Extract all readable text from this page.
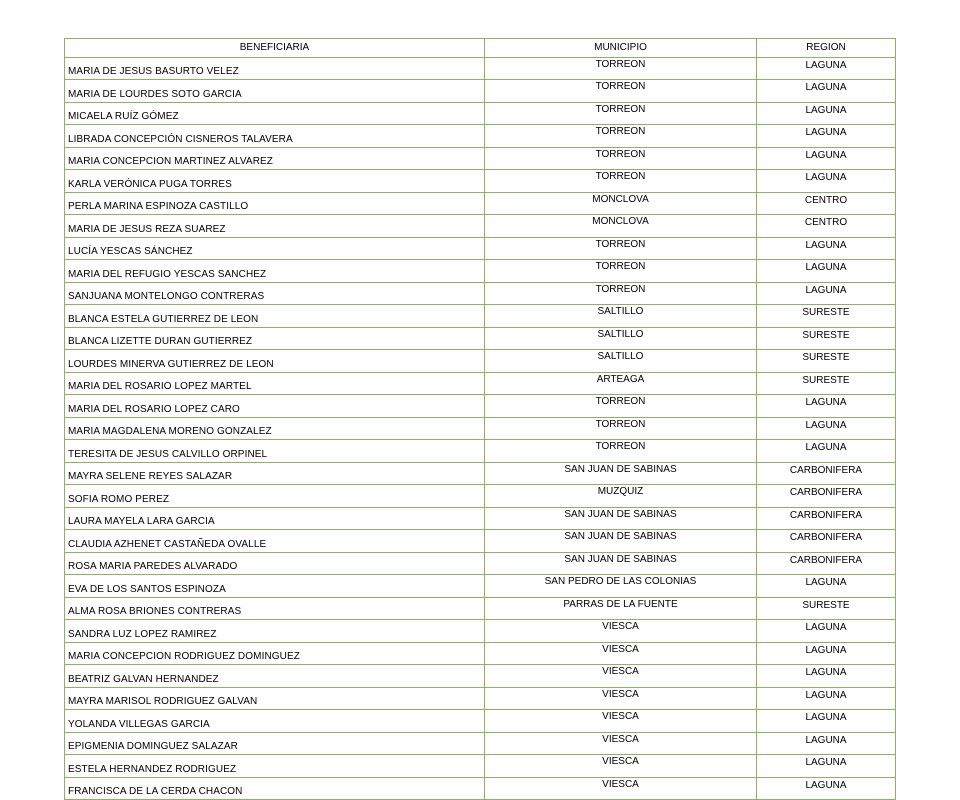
BENEFICIARIA	MUNICIPIO	REGION
MARIA DE JESUS BASURTO VELEZ	TORREON	LAGUNA
MARIA DE LOURDES SOTO GARCIA	TORREON	LAGUNA
MICAELA RUÍZ GÓMEZ	TORREON	LAGUNA
LIBRADA CONCEPCIÓN CISNEROS TALAVERA	TORREON	LAGUNA
MARIA CONCEPCION MARTINEZ ALVAREZ	TORREON	LAGUNA
KARLA VERÓNICA PUGA TORRES	TORREON	LAGUNA
PERLA MARINA ESPINOZA CASTILLO	MONCLOVA	CENTRO
MARIA DE JESUS REZA SUAREZ	MONCLOVA	CENTRO
LUCÍA YESCAS SÁNCHEZ	TORREON	LAGUNA
MARIA DEL REFUGIO YESCAS SANCHEZ	TORREON	LAGUNA
SANJUANA MONTELONGO CONTRERAS	TORREON	LAGUNA
BLANCA ESTELA GUTIERREZ DE LEON	SALTILLO	SURESTE
BLANCA LIZETTE DURAN GUTIERREZ	SALTILLO	SURESTE
LOURDES MINERVA GUTIERREZ DE LEON	SALTILLO	SURESTE
MARIA DEL ROSARIO LOPEZ MARTEL	ARTEAGA	SURESTE
MARIA DEL ROSARIO LOPEZ CARO	TORREON	LAGUNA
MARIA MAGDALENA MORENO GONZALEZ	TORREON	LAGUNA
TERESITA DE JESUS CALVILLO ORPINEL	TORREON	LAGUNA
MAYRA SELENE REYES SALAZAR	SAN JUAN DE SABINAS	CARBONIFERA
SOFIA ROMO PEREZ	MUZQUIZ	CARBONIFERA
LAURA MAYELA LARA GARCIA	SAN JUAN DE SABINAS	CARBONIFERA
CLAUDIA AZHENET CASTAÑEDA OVALLE	SAN JUAN DE SABINAS	CARBONIFERA
ROSA MARIA PAREDES ALVARADO	SAN JUAN DE SABINAS	CARBONIFERA
EVA DE LOS SANTOS ESPINOZA	SAN PEDRO DE LAS COLONIAS	LAGUNA
ALMA ROSA BRIONES CONTRERAS	PARRAS DE LA FUENTE	SURESTE
SANDRA LUZ LOPEZ RAMIREZ	VIESCA	LAGUNA
MARIA CONCEPCION RODRIGUEZ DOMINGUEZ	VIESCA	LAGUNA
BEATRIZ GALVAN HERNANDEZ	VIESCA	LAGUNA
MAYRA MARISOL RODRIGUEZ GALVAN	VIESCA	LAGUNA
YOLANDA VILLEGAS GARCIA	VIESCA	LAGUNA
EPIGMENIA DOMINGUEZ SALAZAR	VIESCA	LAGUNA
ESTELA HERNANDEZ RODRIGUEZ	VIESCA	LAGUNA
FRANCISCA DE LA CERDA CHACON	VIESCA	LAGUNA
